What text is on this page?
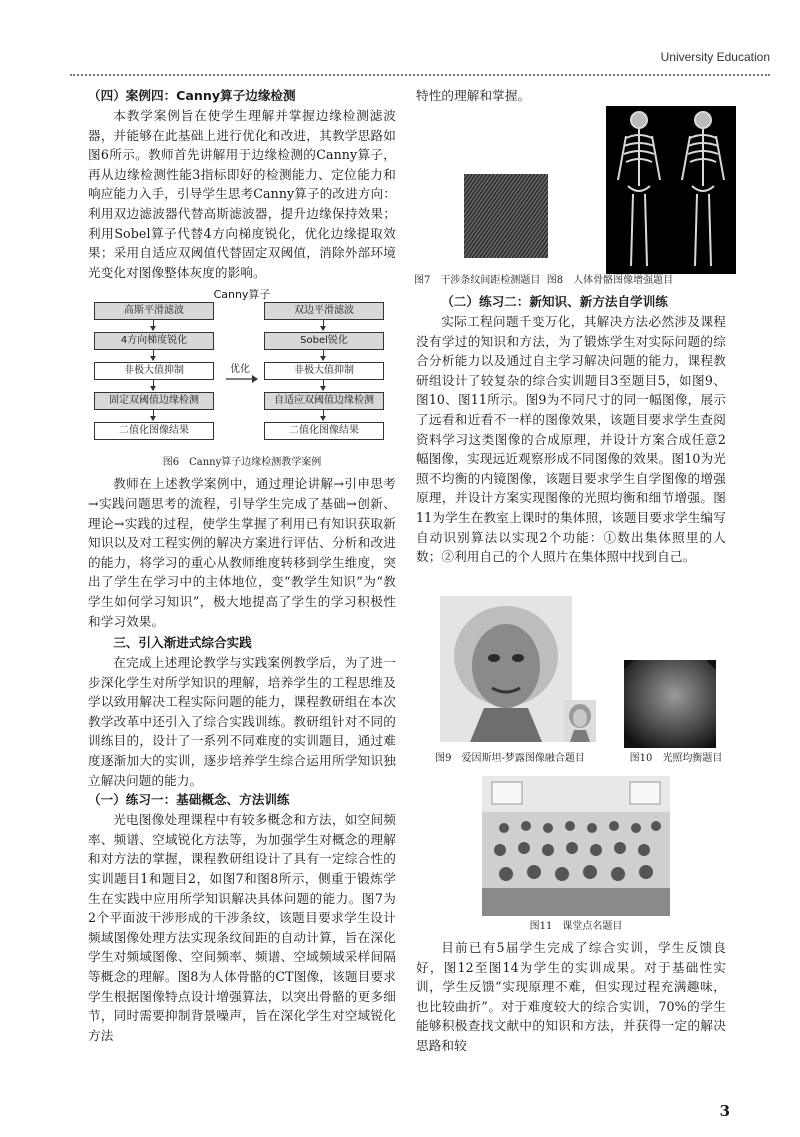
University Education

（四）案例四：Canny算子边缘检测

本教学案例旨在使学生理解并掌握边缘检测滤波器，并能够在此基础上进行优化和改进，其教学思路如图6所示。教师首先讲解用于边缘检测的Canny算子，再从边缘检测性能3指标即好的检测能力、定位能力和响应能力入手，引导学生思考Canny算子的改进方向：利用双边滤波器代替高斯滤波器，提升边缘保持效果；利用Sobel算子代替4方向梯度锐化，优化边缘提取效果；采用自适应双阈值代替固定双阈值，消除外部环境光变化对图像整体灰度的影响。

Canny算子
高斯平滑滤波
4方向梯度锐化
非极大值抑制
固定双阈值边缘检测
二值化图像结果
优化
双边平滑滤波
Sobel锐化
非极大值抑制
自适应双阈值边缘检测
二值化图像结果

图6　Canny算子边缘检测教学案例

教师在上述教学案例中，通过理论讲解→引申思考→实践问题思考的流程，引导学生完成了基础→创新、理论→实践的过程，使学生掌握了利用已有知识获取新知识以及对工程实例的解决方案进行评估、分析和改进的能力，将学习的重心从教师维度转移到学生维度，突出了学生在学习中的主体地位，变“教学生知识”为“教学生如何学习知识”，极大地提高了学生的学习积极性和学习效果。

三、引入渐进式综合实践

在完成上述理论教学与实践案例教学后，为了进一步深化学生对所学知识的理解，培养学生的工程思维及学以致用解决工程实际问题的能力，课程教研组在本次教学改革中还引入了综合实践训练。教研组针对不同的训练目的，设计了一系列不同难度的实训题目，通过难度逐渐加大的实训，逐步培养学生综合运用所学知识独立解决问题的能力。

（一）练习一：基础概念、方法训练

光电图像处理课程中有较多概念和方法，如空间频率、频谱、空域锐化方法等，为加强学生对概念的理解和对方法的掌握，课程教研组设计了具有一定综合性的实训题目1和题目2，如图7和图8所示，侧重于锻炼学生在实践中应用所学知识解决具体问题的能力。图7为2个平面波干涉形成的干涉条纹，该题目要求学生设计频域图像处理方法实现条纹间距的自动计算，旨在深化学生对频域图像、空间频率、频谱、空域频域采样间隔等概念的理解。图8为人体骨骼的CT图像，该题目要求学生根据图像特点设计增强算法，以突出骨骼的更多细节，同时需要抑制背景噪声，旨在深化学生对空域锐化方法

特性的理解和掌握。

图7　干涉条纹间距检测题目 图8　人体骨骼图像增强题目

（二）练习二：新知识、新方法自学训练

实际工程问题千变万化，其解决方法必然涉及课程没有学过的知识和方法，为了锻炼学生对实际问题的综合分析能力以及通过自主学习解决问题的能力，课程教研组设计了较复杂的综合实训题目3至题目5，如图9、图10、图11所示。图9为不同尺寸的同一幅图像，展示了远看和近看不一样的图像效果，该题目要求学生查阅资料学习这类图像的合成原理，并设计方案合成任意2幅图像，实现远近观察形成不同图像的效果。图10为光照不均衡的内镜图像，该题目要求学生自学图像的增强原理，并设计方案实现图像的光照均衡和细节增强。图11为学生在教室上课时的集体照，该题目要求学生编写自动识别算法以实现2个功能：①数出集体照里的人数；②利用自己的个人照片在集体照中找到自己。

图9　爱因斯坦-梦露图像融合题目	图10　光照均衡题目

图11　课堂点名题目

目前已有5届学生完成了综合实训，学生反馈良好，图12至图14为学生的实训成果。对于基础性实训，学生反馈“实现原理不难，但实现过程充满趣味，也比较曲折”。对于难度较大的综合实训，70%的学生能够积极查找文献中的知识和方法，并获得一定的解决思路和较

3
